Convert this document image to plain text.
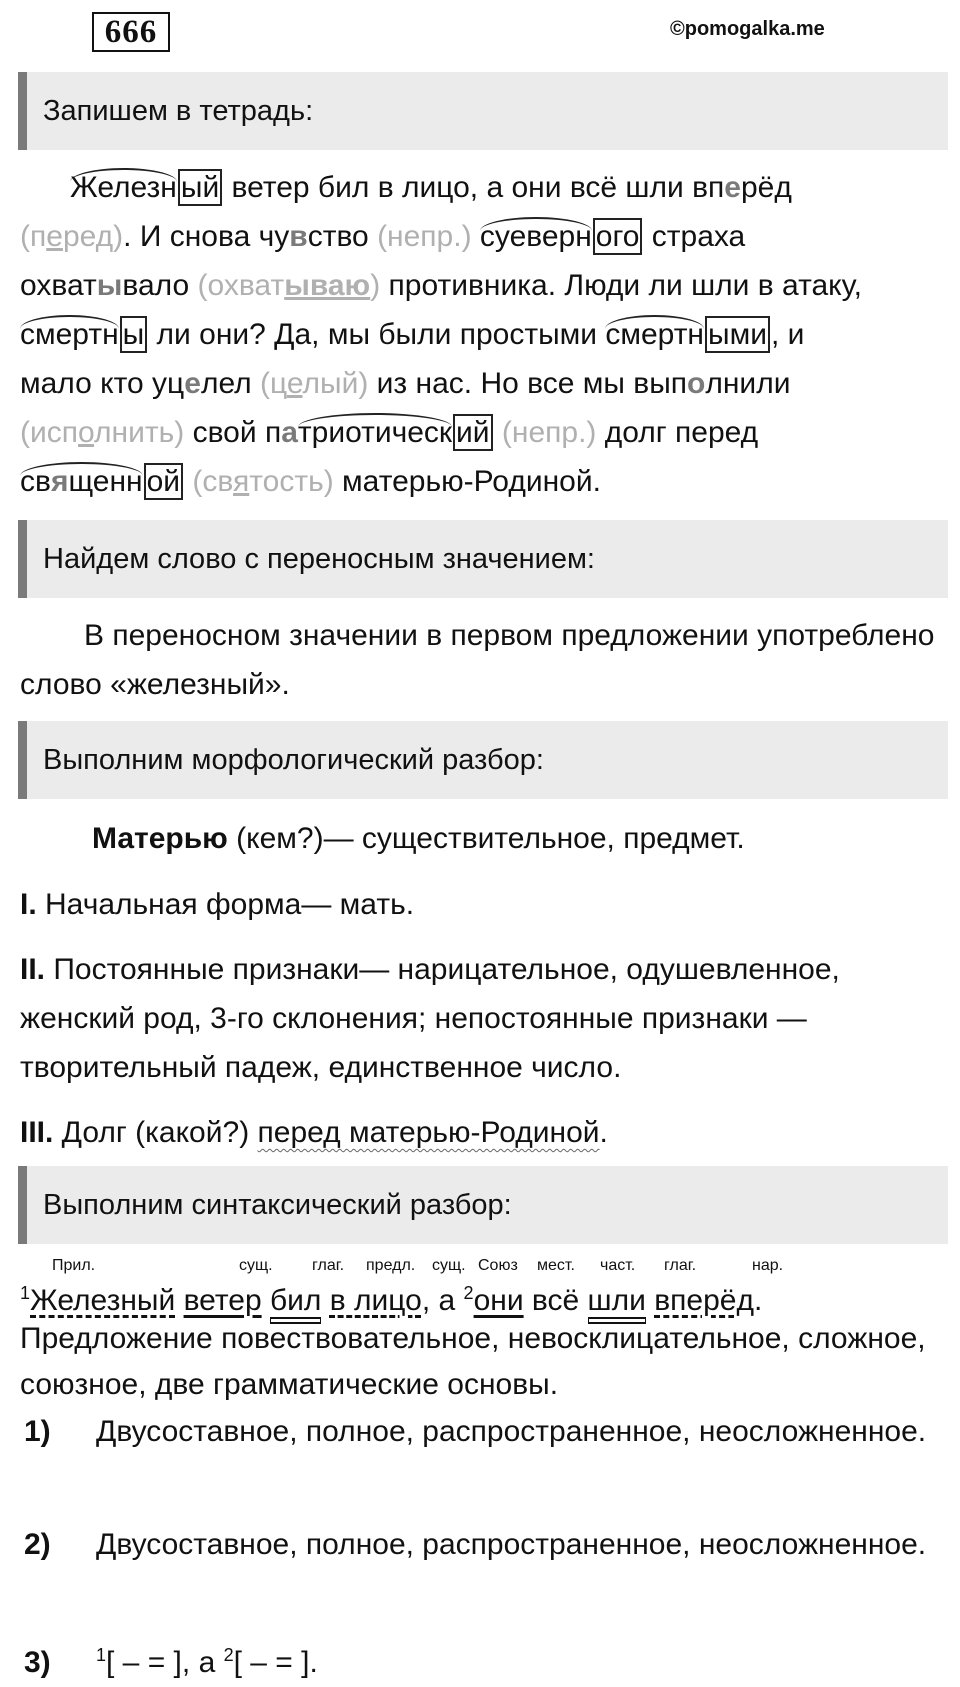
666	©pomogalka.me
Запишем в тетрадь:

Железн ый ветер бил в лицо, а они всё шли вперёд
(перед). И снова чувство (непр.) суеверн ого страха
охватывало (охватываю) противника. Люди ли шли в атаку,
смертн ы ли они? Да, мы были простыми смертн ыми , и
мало кто уцелел (целый) из нас. Но все мы выполнили
(исполнить) свой патриотическ ий (непр.) долг перед
священн ой (святость) матерью-Родиной.

Найдем слово с переносным значением:

В переносном значении в первом предложении употреблено слово «железный».

Выполним морфологический разбор:

Матерью (кем?)— существительное, предмет.

I. Начальная форма— мать.

II. Постоянные признаки— нарицательное, одушевленное, женский род, 3-го склонения; непостоянные признаки — творительный падеж, единственное число.

III. Долг (какой?) перед матерью-Родиной.

Выполним синтаксический разбор:
Прил.	сущ. глаг. предл. сущ. Союз мест. част. глаг.	нар.

$^1$Железный ветер бил в лицо, а $^2$они всё шли вперёд.

Предложение повествовательное, невосклицательное, сложное, союзное, две грамматические основы.

1) Двусоставное, полное, распространенное, неосложненное.

2) Двусоставное, полное, распространенное, неосложненное.

3)	$^1$[ – = ], а $^2$[ – = ].
